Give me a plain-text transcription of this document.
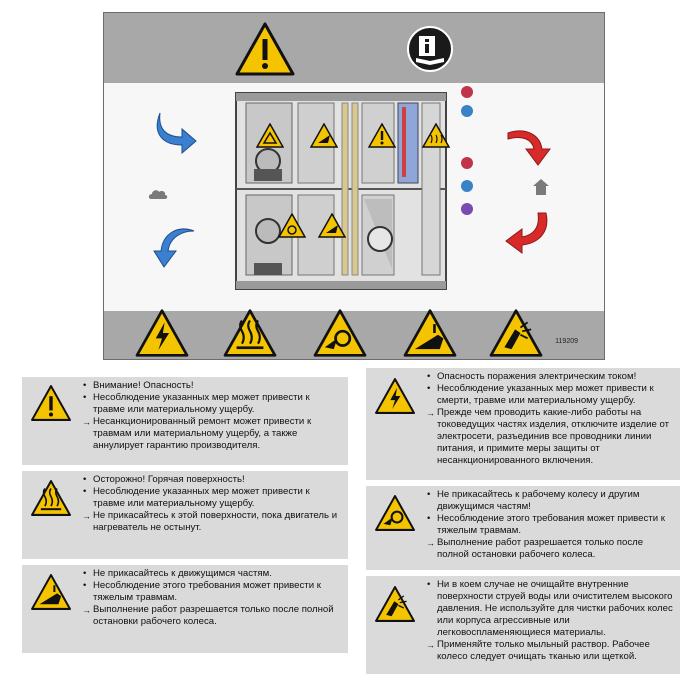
119209
• Внимание! Опасность!
• Несоблюдение указанных мер может привести к травме или материальному ущербу.
→ Несанкционированный ремонт может привести к травмам или материальному ущербу, а также аннулирует гарантию производителя.
• Осторожно! Горячая поверхность!
• Несоблюдение указанных мер может привести к травме или материальному ущербу.
→ Не прикасайтесь к этой поверхности, пока двигатель и нагреватель не остынут.
• Не прикасайтесь к движущимся частям.
• Несоблюдение этого требования может привести к тяжелым травмам.
→ Выполнение работ разрешается только после полной остановки рабочего колеса.
• Опасность поражения электрическим током!
• Несоблюдение указанных мер может привести к смерти, травме или материальному ущербу.
→ Прежде чем проводить какие-либо работы на токоведущих частях изделия, отключите изделие от электросети, разъединив все проводники линии питания, и примите меры защиты от несанкционированного включения.
• Не прикасайтесь к рабочему колесу и другим движущимся частям!
• Несоблюдение этого требования может привести к тяжелым травмам.
→ Выполнение работ разрешается только после полной остановки рабочего колеса.
• Ни в коем случае не очищайте внутренние поверхности струей воды или очистителем высокого давления. Не используйте для чистки рабочих колес или корпуса агрессивные или легковоспламеняющиеся материалы.
→ Применяйте только мыльный раствор. Рабочее колесо следует очищать тканью или щеткой.
